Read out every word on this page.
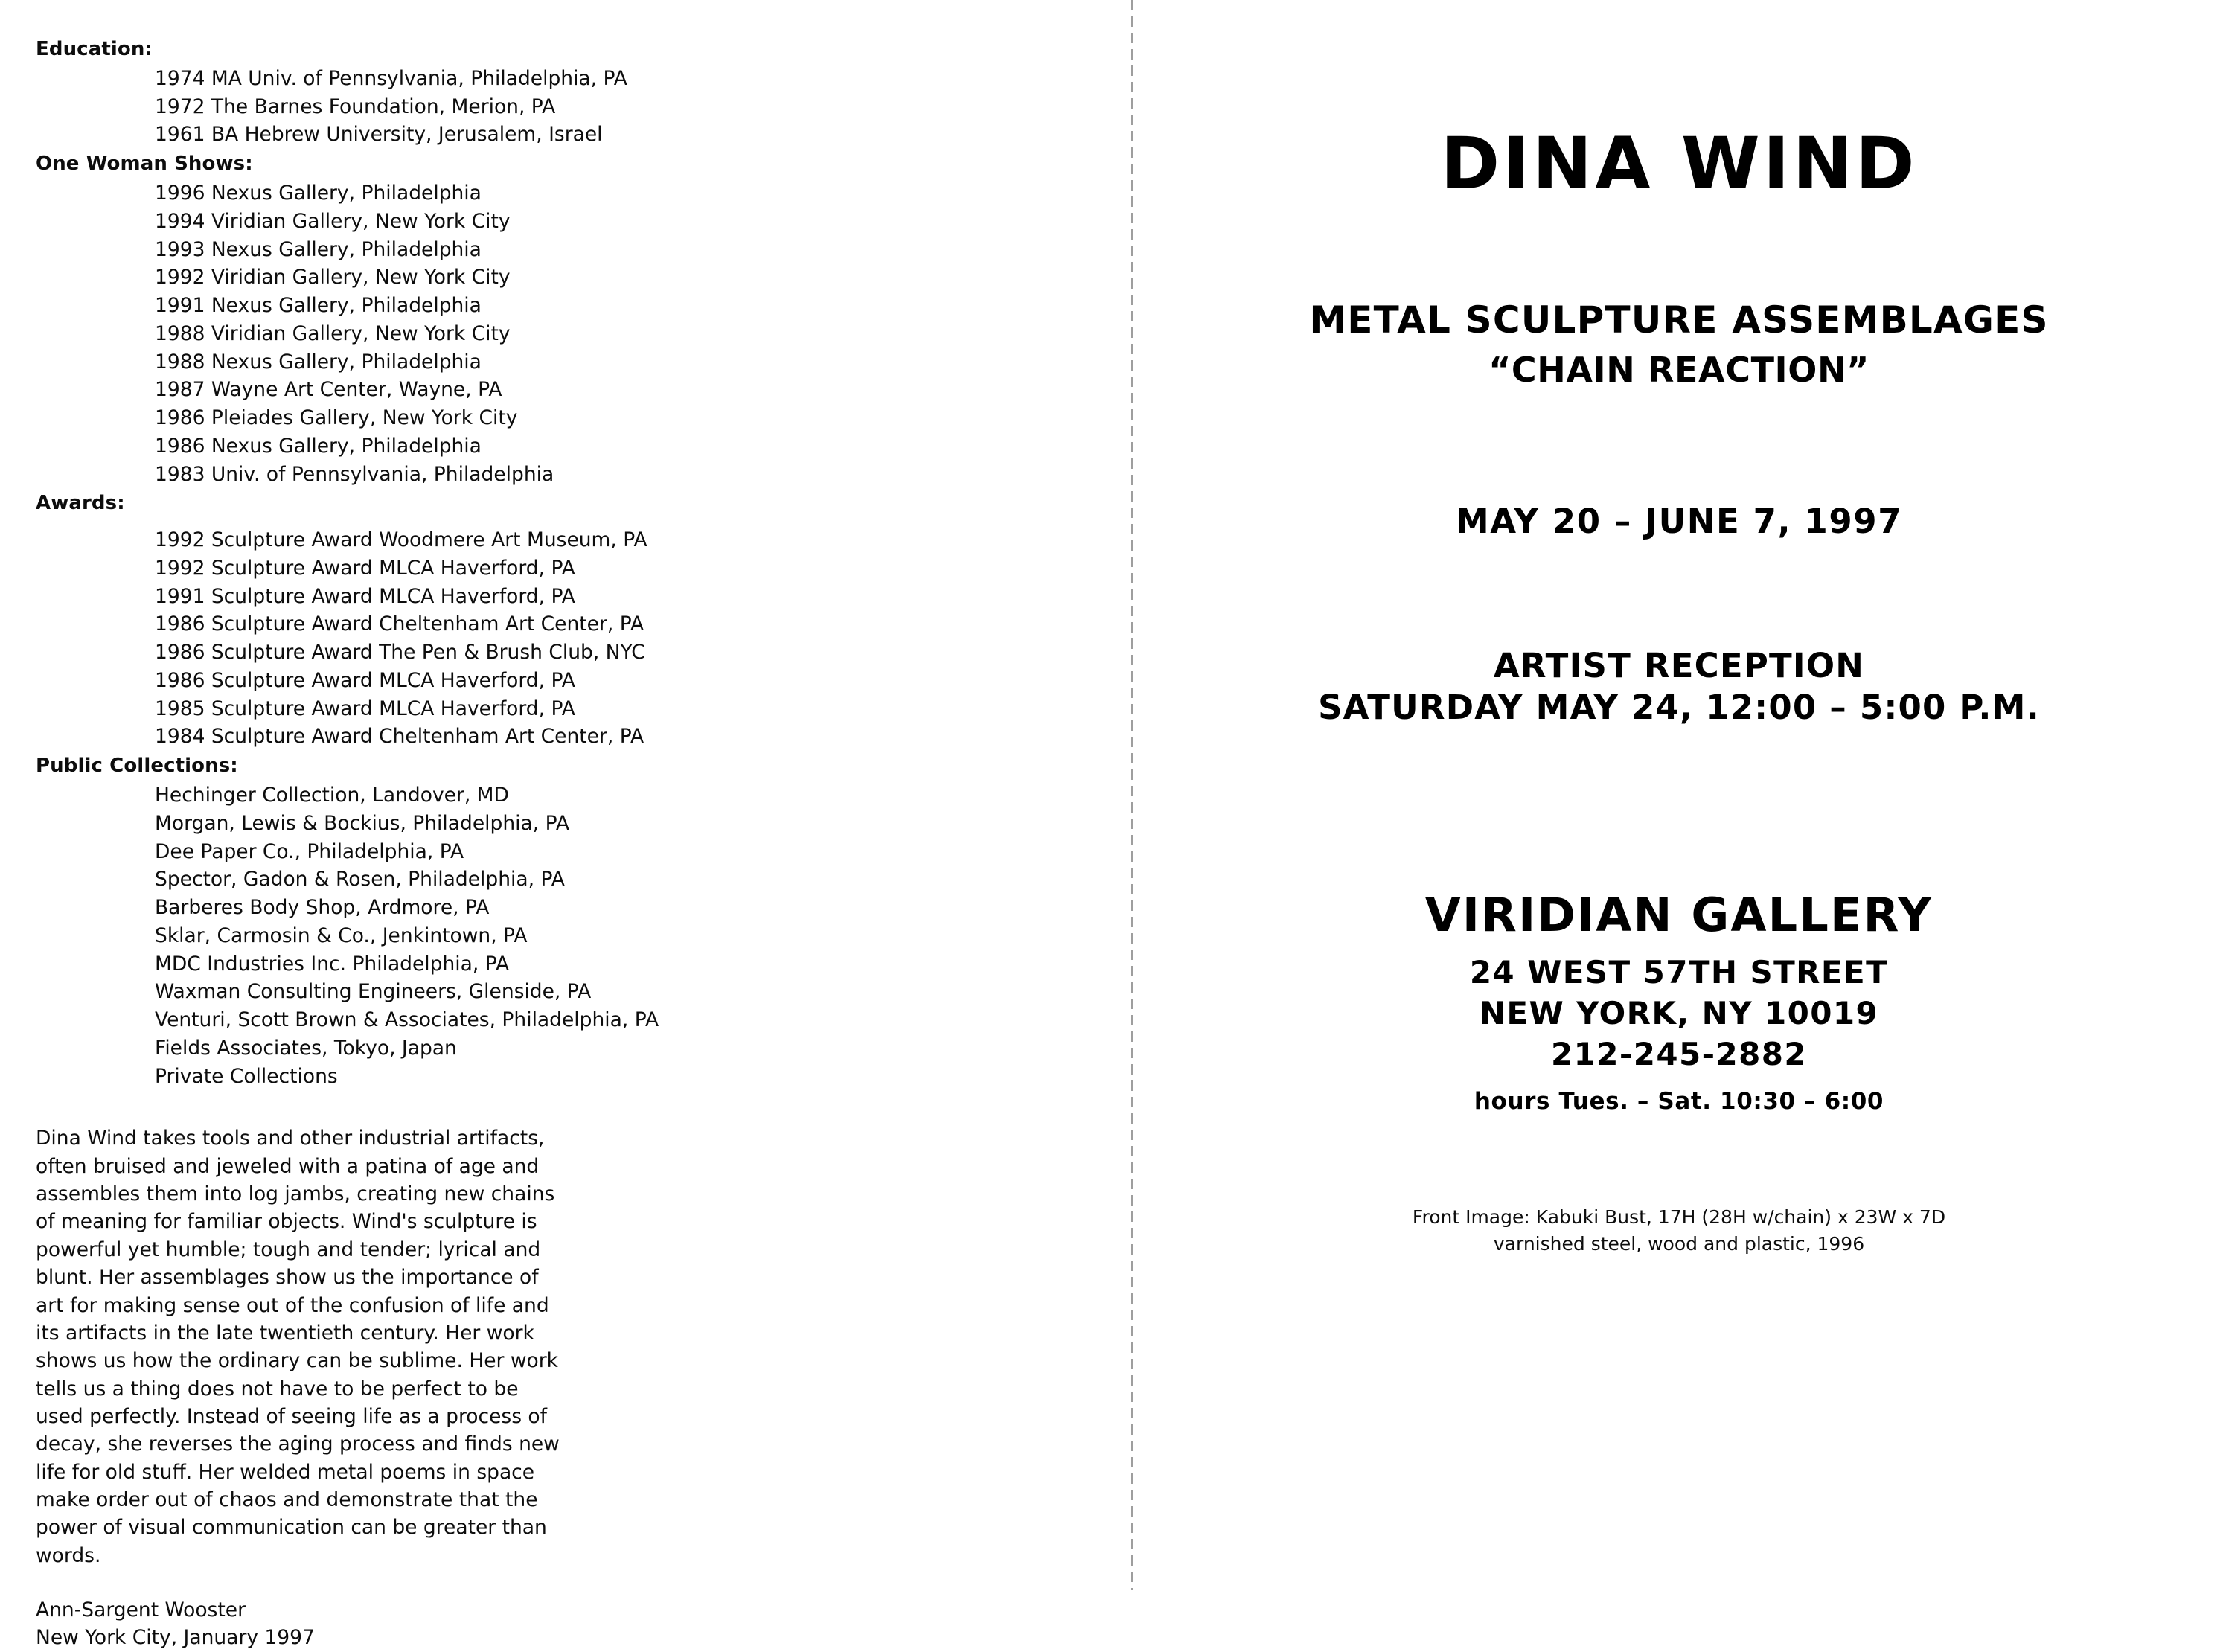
Education:
1974 MA Univ. of Pennsylvania, Philadelphia, PA
1972 The Barnes Foundation, Merion, PA
1961 BA Hebrew University, Jerusalem, Israel
One Woman Shows:
1996 Nexus Gallery, Philadelphia
1994 Viridian Gallery, New York City
1993 Nexus Gallery, Philadelphia
1992 Viridian Gallery, New York City
1991 Nexus Gallery, Philadelphia
1988 Viridian Gallery, New York City
1988 Nexus Gallery, Philadelphia
1987 Wayne Art Center, Wayne, PA
1986 Pleiades Gallery, New York City
1986 Nexus Gallery, Philadelphia
1983 Univ. of Pennsylvania, Philadelphia
Awards:
1992 Sculpture Award Woodmere Art Museum, PA
1992 Sculpture Award MLCA Haverford, PA
1991 Sculpture Award MLCA Haverford, PA
1986 Sculpture Award Cheltenham Art Center, PA
1986 Sculpture Award The Pen & Brush Club, NYC
1986 Sculpture Award MLCA Haverford, PA
1985 Sculpture Award MLCA Haverford, PA
1984 Sculpture Award Cheltenham Art Center, PA
Public Collections:
Hechinger Collection, Landover, MD
Morgan, Lewis & Bockius, Philadelphia, PA
Dee Paper Co., Philadelphia, PA
Spector, Gadon & Rosen, Philadelphia, PA
Barberes Body Shop, Ardmore, PA
Sklar, Carmosin & Co., Jenkintown, PA
MDC Industries Inc. Philadelphia, PA
Waxman Consulting Engineers, Glenside, PA
Venturi, Scott Brown & Associates, Philadelphia, PA
Fields Associates, Tokyo, Japan
Private Collections

Dina Wind takes tools and other industrial artifacts, often bruised and jeweled with a patina of age and assembles them into log jambs, creating new chains of meaning for familiar objects. Wind's sculpture is powerful yet humble; tough and tender; lyrical and blunt. Her assemblages show us the importance of art for making sense out of the confusion of life and its artifacts in the late twentieth century. Her work shows us how the ordinary can be sublime. Her work tells us a thing does not have to be perfect to be used perfectly. Instead of seeing life as a process of decay, she reverses the aging process and finds new life for old stuff. Her welded metal poems in space make order out of chaos and demonstrate that the power of visual communication can be greater than words.

Ann-Sargent Wooster
New York City, January 1997
DINA WIND
METAL SCULPTURE ASSEMBLAGES
“CHAIN REACTION”
MAY 20 – JUNE 7, 1997
ARTIST RECEPTION
SATURDAY MAY 24, 12:00 – 5:00 P.M.
VIRIDIAN GALLERY
24 WEST 57TH STREET
NEW YORK, NY 10019
212-245-2882
hours Tues. – Sat. 10:30 – 6:00
Front Image: Kabuki Bust, 17H (28H w/chain) x 23W x 7D
varnished steel, wood and plastic, 1996
